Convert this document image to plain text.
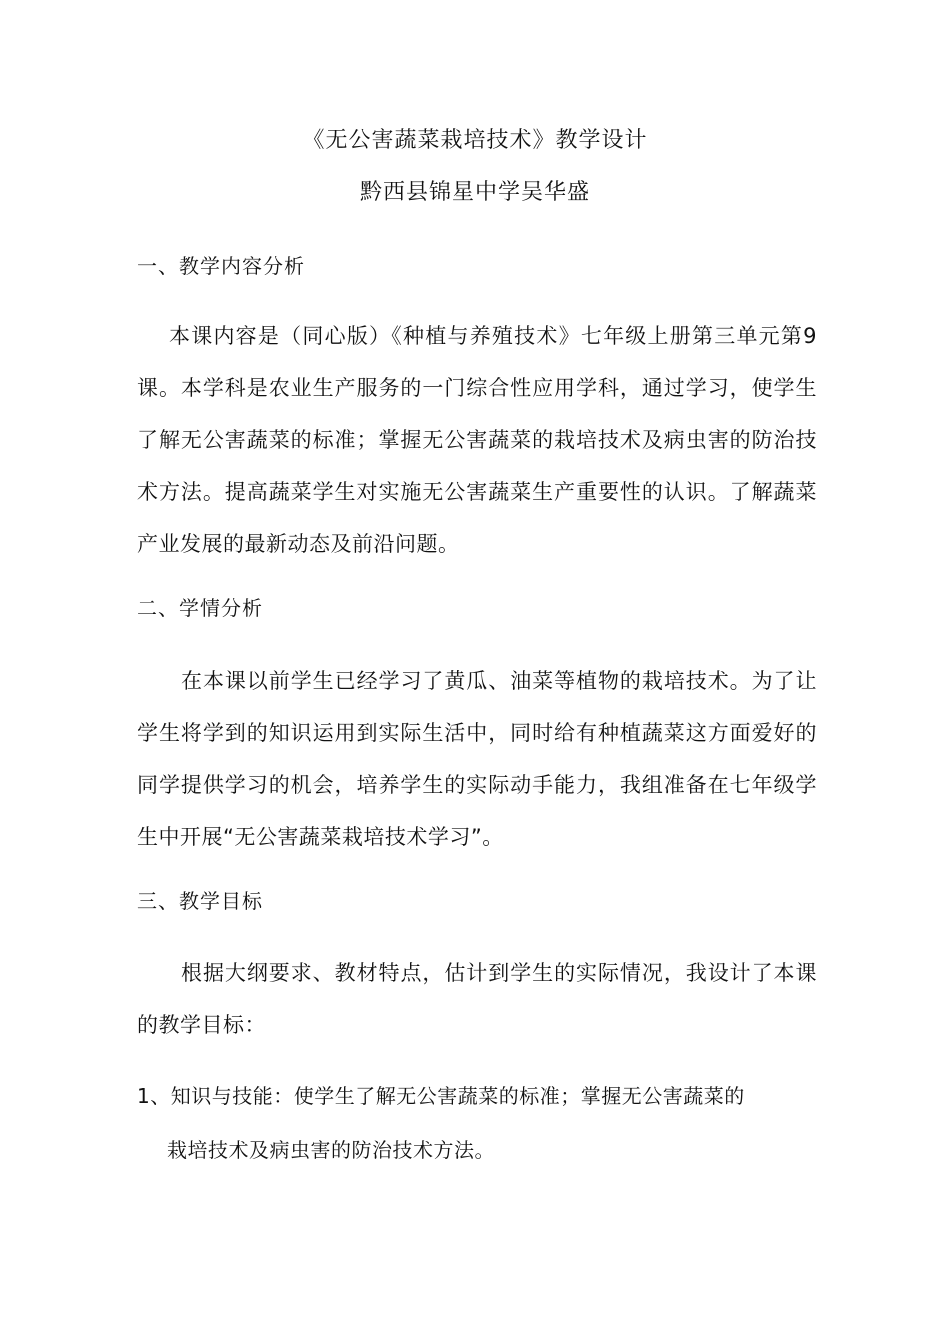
《无公害蔬菜栽培技术》教学设计
黔西县锦星中学吴华盛
一、教学内容分析

本课内容是（同心版）《种植与养殖技术》七年级上册第三单元第9课。本学科是农业生产服务的一门综合性应用学科，通过学习，使学生了解无公害蔬菜的标准；掌握无公害蔬菜的栽培技术及病虫害的防治技术方法。提高蔬菜学生对实施无公害蔬菜生产重要性的认识。了解蔬菜产业发展的最新动态及前沿问题。

二、学情分析

在本课以前学生已经学习了黄瓜、油菜等植物的栽培技术。为了让学生将学到的知识运用到实际生活中，同时给有种植蔬菜这方面爱好的同学提供学习的机会，培养学生的实际动手能力，我组准备在七年级学生中开展“无公害蔬菜栽培技术学习”。

三、教学目标

根据大纲要求、教材特点，估计到学生的实际情况，我设计了本课的教学目标：

1、知识与技能：使学生了解无公害蔬菜的标准；掌握无公害蔬菜的
栽培技术及病虫害的防治技术方法。
